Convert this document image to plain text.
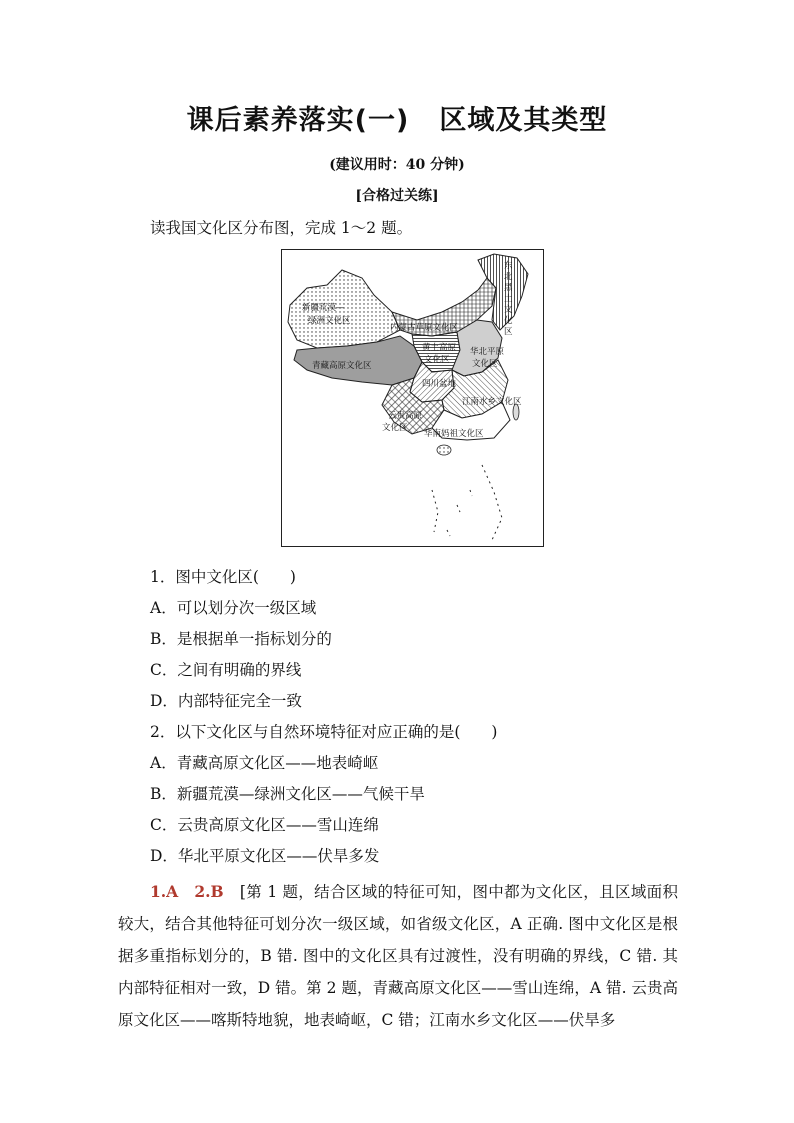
课后素养落实(一) 区域及其类型
(建议用时：40 分钟)
[合格过关练]
读我国文化区分布图，完成 1～2 题。
新疆荒漠—
绿洲文化区
青藏高原文化区
内蒙古草原文化区
黄土高原
文化区
华北平原
文化区
四川盆地
江南水乡文化区
云贵高原
文化区
华南妈祖文化区
东
北
黑
土
文
化
区
1．图中文化区(　　)
A．可以划分次一级区域
B．是根据单一指标划分的
C．之间有明确的界线
D．内部特征完全一致
2．以下文化区与自然环境特征对应正确的是(　　)
A．青藏高原文化区——地表崎岖
B．新疆荒漠—绿洲文化区——气候干旱
C．云贵高原文化区——雪山连绵
D．华北平原文化区——伏旱多发
1.A　2.B　 [第 1 题，结合区域的特征可知，图中都为文化区，且区域面积较大，结合其他特征可划分次一级区域，如省级文化区，A 正确. 图中文化区是根据多重指标划分的，B 错. 图中的文化区具有过渡性，没有明确的界线，C 错. 其内部特征相对一致，D 错。第 2 题，青藏高原文化区——雪山连绵，A 错. 云贵高原文化区——喀斯特地貌，地表崎岖，C 错；江南水乡文化区——伏旱多
